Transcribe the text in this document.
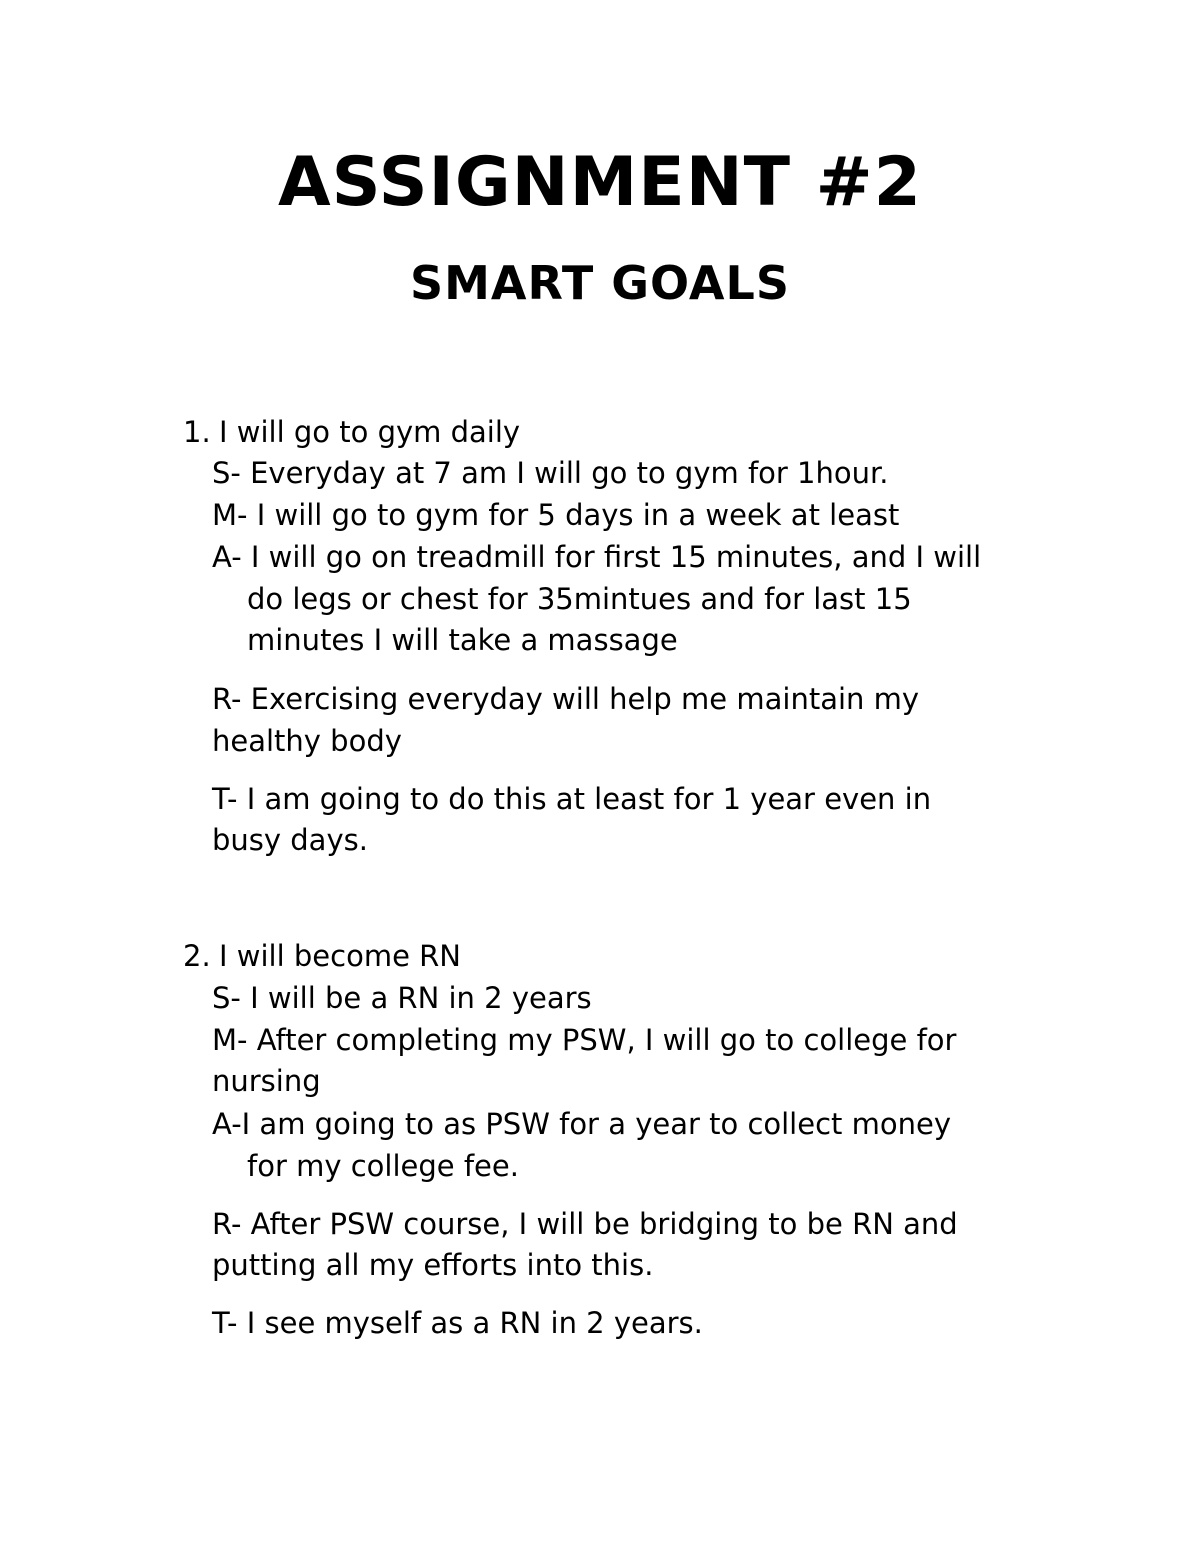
ASSIGNMENT #2
SMART GOALS
1. I will go to gym daily
S- Everyday at 7 am I will go to gym for 1hour.
M- I will go to gym for 5 days in a week at least
A- I will go on treadmill for first 15 minutes, and I will
do legs or chest for 35mintues and for last 15
minutes I will take a massage
R- Exercising everyday will help me maintain my
healthy body
T- I am going to do this at least for 1 year even in
busy days.
2. I will become RN
S- I will be a RN in 2 years
M- After completing my PSW, I will go to college for
nursing
A-I am going to as PSW for a year to collect money
for my college fee.
R- After PSW course, I will be bridging to be RN and
putting all my efforts into this.
T- I see myself as a RN in 2 years.
